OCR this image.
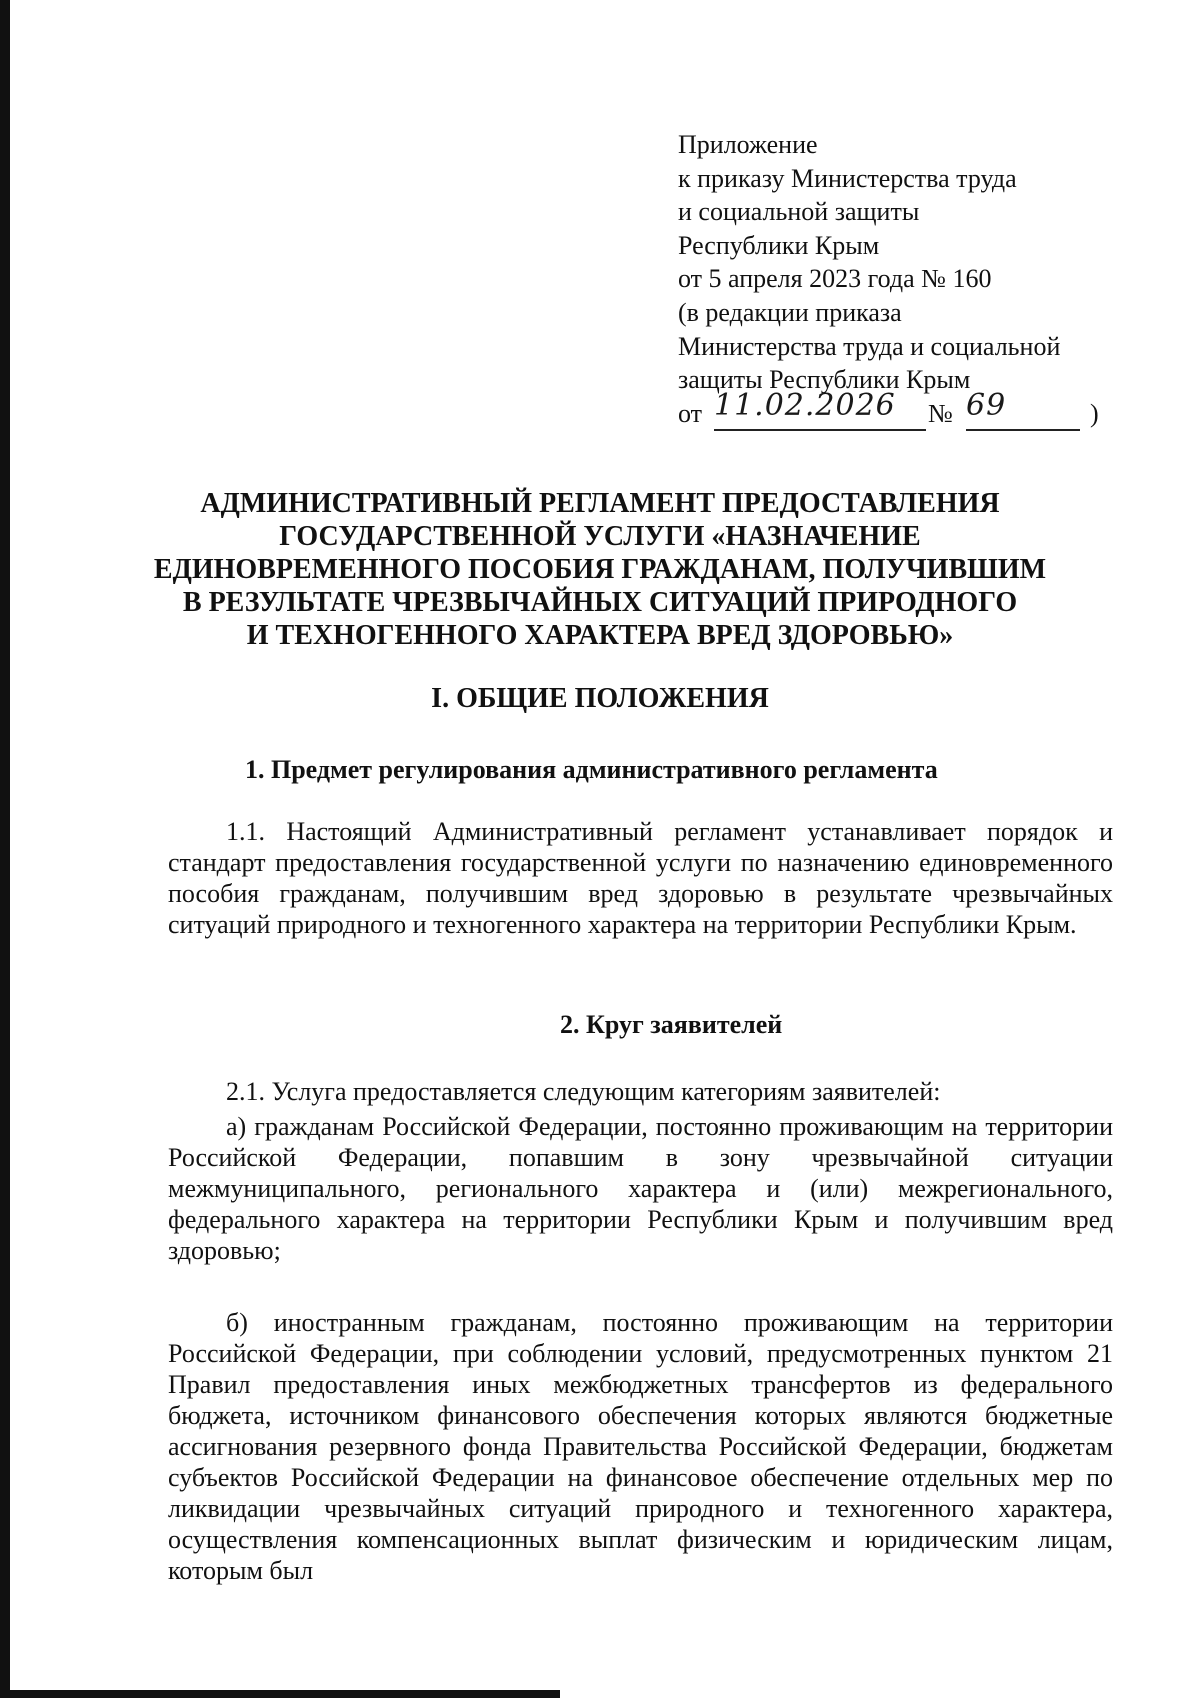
Приложение
к приказу Министерства труда
и социальной защиты
Республики Крым
от 5 апреля 2023 года № 160
(в редакции приказа
Министерства труда и социальной
защиты Республики Крым
от 11.02.2026 № 69	)
АДМИНИСТРАТИВНЫЙ РЕГЛАМЕНТ ПРЕДОСТАВЛЕНИЯ
ГОСУДАРСТВЕННОЙ УСЛУГИ «НАЗНАЧЕНИЕ
ЕДИНОВРЕМЕННОГО ПОСОБИЯ ГРАЖДАНАМ, ПОЛУЧИВШИМ
В РЕЗУЛЬТАТЕ ЧРЕЗВЫЧАЙНЫХ СИТУАЦИЙ ПРИРОДНОГО
И ТЕХНОГЕННОГО ХАРАКТЕРА ВРЕД ЗДОРОВЬЮ»
I. ОБЩИЕ ПОЛОЖЕНИЯ
1. Предмет регулирования административного регламента
1.1. Настоящий Административный регламент устанавливает порядок и стандарт предоставления государственной услуги по назначению единовременного пособия гражданам, получившим вред здоровью в результате чрезвычайных ситуаций природного и техногенного характера на территории Республики Крым.
2. Круг заявителей
2.1. Услуга предоставляется следующим категориям заявителей:
а) гражданам Российской Федерации, постоянно проживающим на территории Российской Федерации, попавшим в зону чрезвычайной ситуации межмуниципального, регионального характера и (или) межрегионального, федерального характера на территории Республики Крым и получившим вред здоровью;
б) иностранным гражданам, постоянно проживающим на территории Российской Федерации, при соблюдении условий, предусмотренных пунктом 21 Правил предоставления иных межбюджетных трансфертов из федерального бюджета, источником финансового обеспечения которых являются бюджетные ассигнования резервного фонда Правительства Российской Федерации, бюджетам субъектов Российской Федерации на финансовое обеспечение отдельных мер по ликвидации чрезвычайных ситуаций природного и техногенного характера, осуществления компенсационных выплат физическим и юридическим лицам, которым был
